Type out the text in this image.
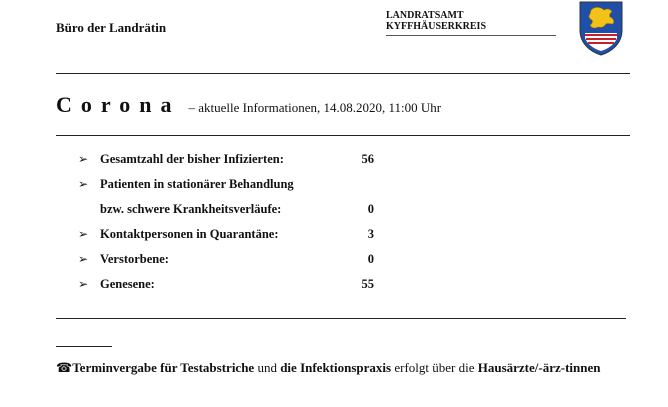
Büro der Landrätin
LANDRATSAMT
KYFFHÄUSERKREIS
Corona – aktuelle Informationen, 14.08.2020, 11:00 Uhr
➢ Gesamtzahl der bisher Infizierten:	56
➢ Patienten in stationärer Behandlung
bzw. schwere Krankheitsverläufe:	0
➢ Kontaktpersonen in Quarantäne:	3
➢ Verstorbene:	0
➢ Genesene:	55
☎Terminvergabe für Testabstriche und die Infektionspraxis erfolgt über die Hausärzte/-ärz-tinnen
